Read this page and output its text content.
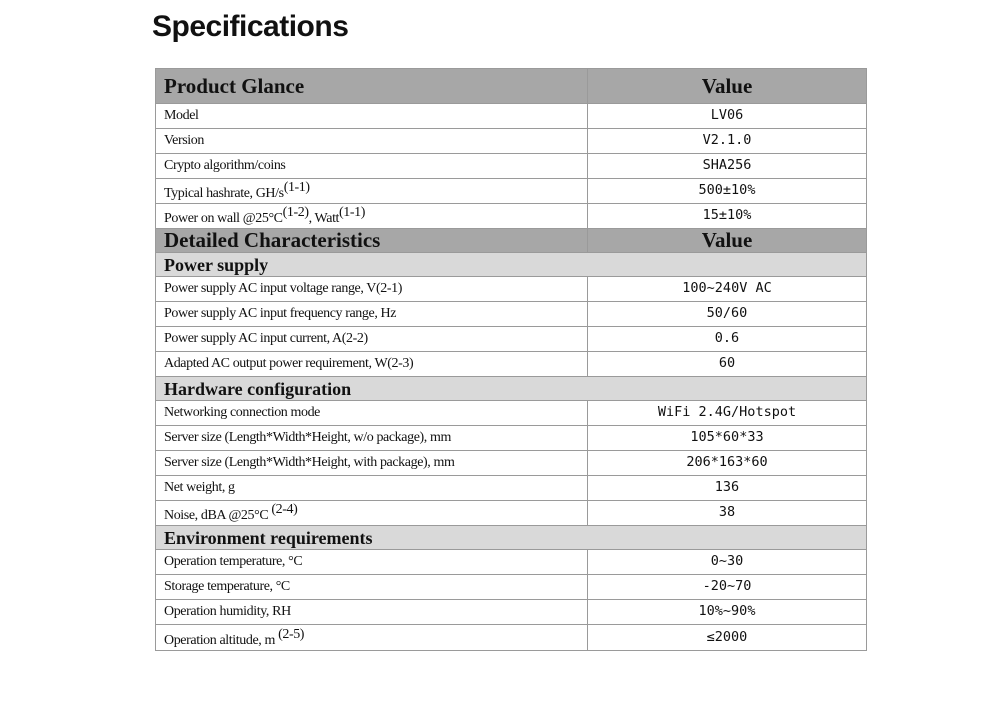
Specifications
Product Glance	Value
Model	LV06
Version	V2.1.0
Crypto algorithm/coins	SHA256
Typical hashrate, GH/s$^{(1-1)}$	500±10%
Power on wall @25°C$^{(1-2)}$, Watt$^{(1-1)}$	15±10%
Detailed Characteristics	Value
Power supply	
Power supply AC input voltage range, V(2-1)	100~240V AC
Power supply AC input frequency range, Hz	50/60
Power supply AC input current, A(2-2)	0.6
Adapted AC output power requirement, W(2-3)	60
Hardware configuration	
Networking connection mode	WiFi 2.4G/Hotspot
Server size (Length*Width*Height, w/o package), mm	105*60*33
Server size (Length*Width*Height, with package), mm	206*163*60
Net weight, g	136
Noise, dBA @25°C $^{(2-4)}$	38
Environment requirements	
Operation temperature, °C	0~30
Storage temperature, °C	-20~70
Operation humidity, RH	10%~90%
Operation altitude, m $^{(2-5)}$	≤2000
